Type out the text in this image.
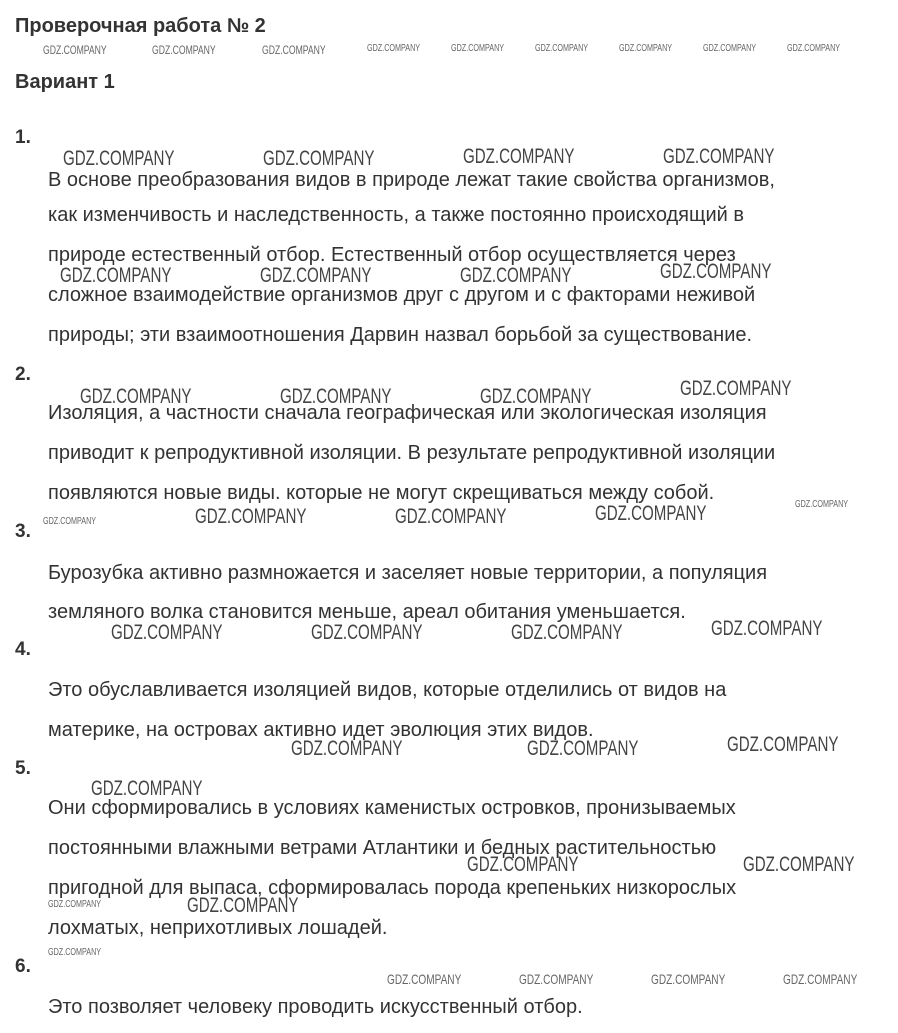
Проверочная работа № 2
Вариант 1
1.
В основе преобразования видов в природе лежат такие свойства организмов,
как изменчивость и наследственность, а также постоянно происходящий в
природе естественный отбор. Естественный отбор осуществляется через
сложное взаимодействие организмов друг с другом и с факторами неживой
природы; эти взаимоотношения Дарвин назвал борьбой за существование.
2.
Изоляция, а частности сначала географическая или экологическая изоляция
приводит к репродуктивной изоляции. В результате репродуктивной изоляции
появляются новые виды. которые не могут скрещиваться между собой.
3.
Бурозубка активно размножается и заселяет новые территории, а популяция
земляного волка становится меньше, ареал обитания уменьшается.
4.
Это обуславливается изоляцией видов, которые отделились от видов на
материке, на островах активно идет эволюция этих видов.
5.
Они сформировались в условиях каменистых островков, пронизываемых
постоянными влажными ветрами Атлантики и бедных растительностью
пригодной для выпаса, сформировалась порода крепеньких низкорослых
лохматых, неприхотливых лошадей.
6.
Это позволяет человеку проводить искусственный отбор.
GDZ.COMPANY	GDZ.COMPANY	GDZ.COMPANY	GDZ.COMPANY
GDZ.COMPANY	GDZ.COMPANY	GDZ.COMPANY	GDZ.COMPANY
GDZ.COMPANY	GDZ.COMPANY	GDZ.COMPANY	GDZ.COMPANY
GDZ.COMPANY	GDZ.COMPANY	GDZ.COMPANY
GDZ.COMPANY	GDZ.COMPANY	GDZ.COMPANY	GDZ.COMPANY
GDZ.COMPANY	GDZ.COMPANY	GDZ.COMPANY
GDZ.COMPANY
GDZ.COMPANY	GDZ.COMPANY
GDZ.COMPANY
GDZ.COMPANY	GDZ.COMPANY	GDZ.COMPANY	GDZ.COMPANY	GDZ.COMPANY	GDZ.COMPANY	GDZ.COMPANY	GDZ.COMPANY	GDZ.COMPANY
GDZ.COMPANY
GDZ.COMPANY
GDZ.COMPANY
GDZ.COMPANY
GDZ.COMPANY	GDZ.COMPANY	GDZ.COMPANY	GDZ.COMPANY
